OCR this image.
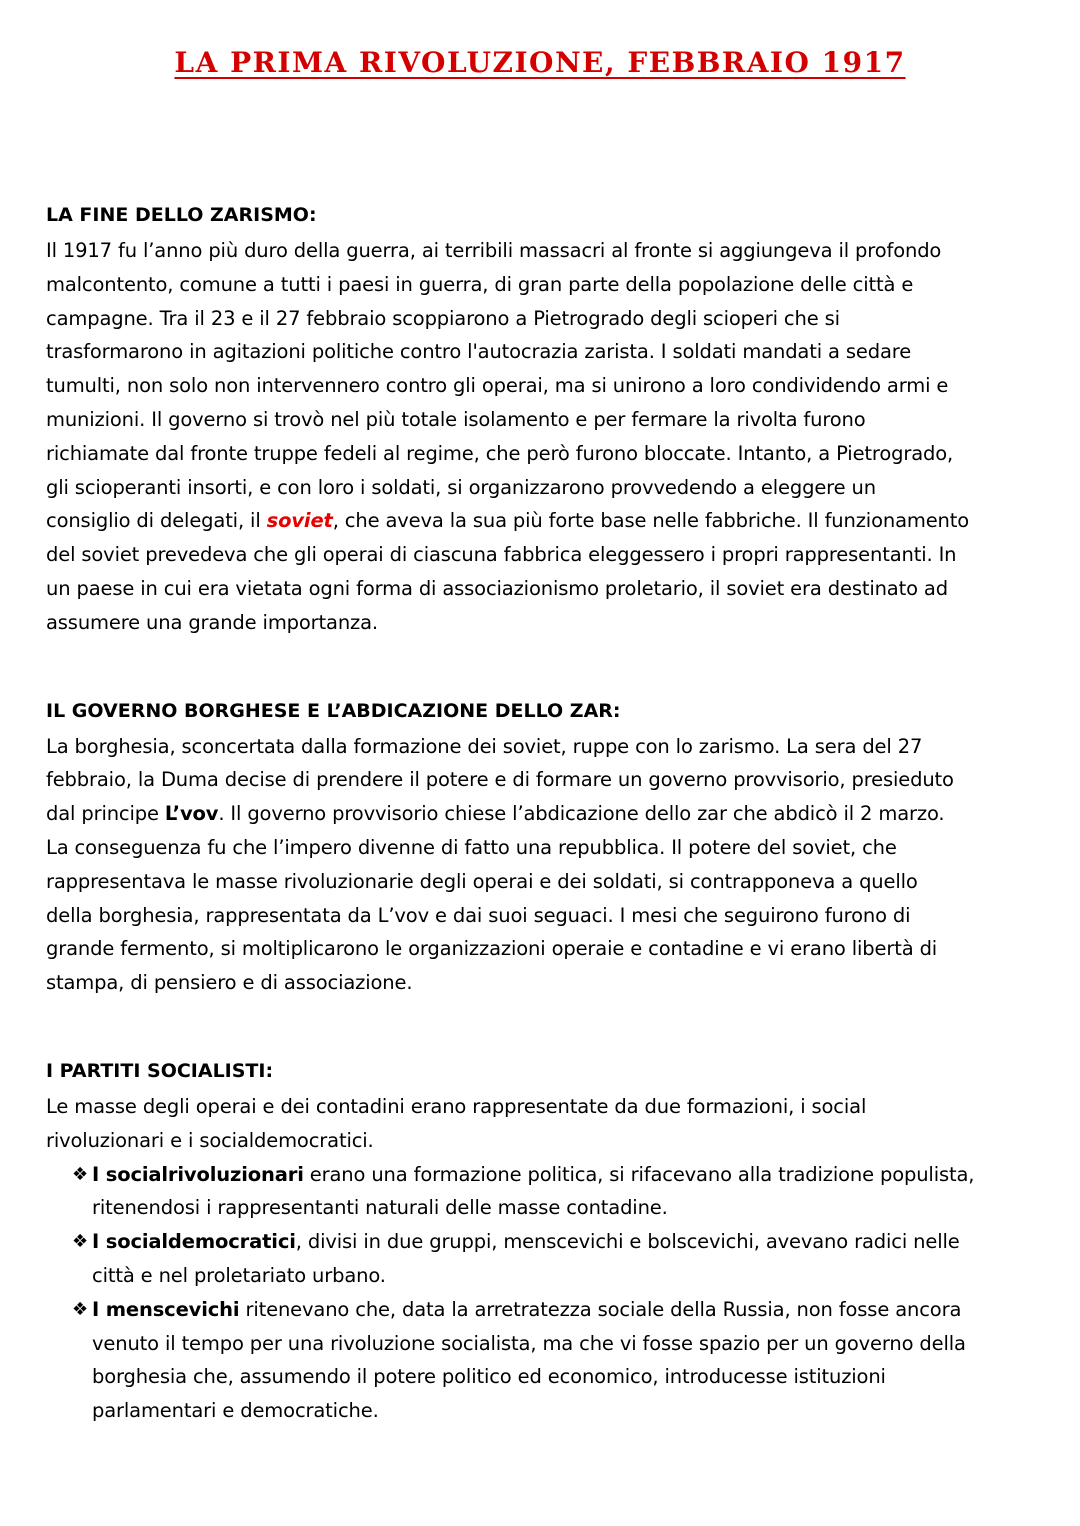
LA PRIMA RIVOLUZIONE, FEBBRAIO 1917
LA FINE DELLO ZARISMO:

Il 1917 fu l’anno più duro della guerra, ai terribili massacri al fronte si aggiungeva il profondo
malcontento, comune a tutti i paesi in guerra, di gran parte della popolazione delle città e
campagne. Tra il 23 e il 27 febbraio scoppiarono a Pietrogrado degli scioperi che si
trasformarono in agitazioni politiche contro l'autocrazia zarista. I soldati mandati a sedare
tumulti, non solo non intervennero contro gli operai, ma si unirono a loro condividendo armi e
munizioni. Il governo si trovò nel più totale isolamento e per fermare la rivolta furono
richiamate dal fronte truppe fedeli al regime, che però furono bloccate. Intanto, a Pietrogrado,
gli scioperanti insorti, e con loro i soldati, si organizzarono provvedendo a eleggere un
consiglio di delegati, il soviet, che aveva la sua più forte base nelle fabbriche. Il funzionamento
del soviet prevedeva che gli operai di ciascuna fabbrica eleggessero i propri rappresentanti. In
un paese in cui era vietata ogni forma di associazionismo proletario, il soviet era destinato ad
assumere una grande importanza.

IL GOVERNO BORGHESE E L’ABDICAZIONE DELLO ZAR:

La borghesia, sconcertata dalla formazione dei soviet, ruppe con lo zarismo. La sera del 27
febbraio, la Duma decise di prendere il potere e di formare un governo provvisorio, presieduto
dal principe L’vov. Il governo provvisorio chiese l’abdicazione dello zar che abdicò il 2 marzo.
La conseguenza fu che l’impero divenne di fatto una repubblica. Il potere del soviet, che
rappresentava le masse rivoluzionarie degli operai e dei soldati, si contrapponeva a quello
della borghesia, rappresentata da L’vov e dai suoi seguaci. I mesi che seguirono furono di
grande fermento, si moltiplicarono le organizzazioni operaie e contadine e vi erano libertà di
stampa, di pensiero e di associazione.

I PARTITI SOCIALISTI:

Le masse degli operai e dei contadini erano rappresentate da due formazioni, i social
rivoluzionari e i socialdemocratici.

❖ I socialrivoluzionari erano una formazione politica, si rifacevano alla tradizione populista,
ritenendosi i rappresentanti naturali delle masse contadine.
❖ I socialdemocratici, divisi in due gruppi, menscevichi e bolscevichi, avevano radici nelle
città e nel proletariato urbano.
❖ I menscevichi ritenevano che, data la arretratezza sociale della Russia, non fosse ancora
venuto il tempo per una rivoluzione socialista, ma che vi fosse spazio per un governo della
borghesia che, assumendo il potere politico ed economico, introducesse istituzioni
parlamentari e democratiche.
